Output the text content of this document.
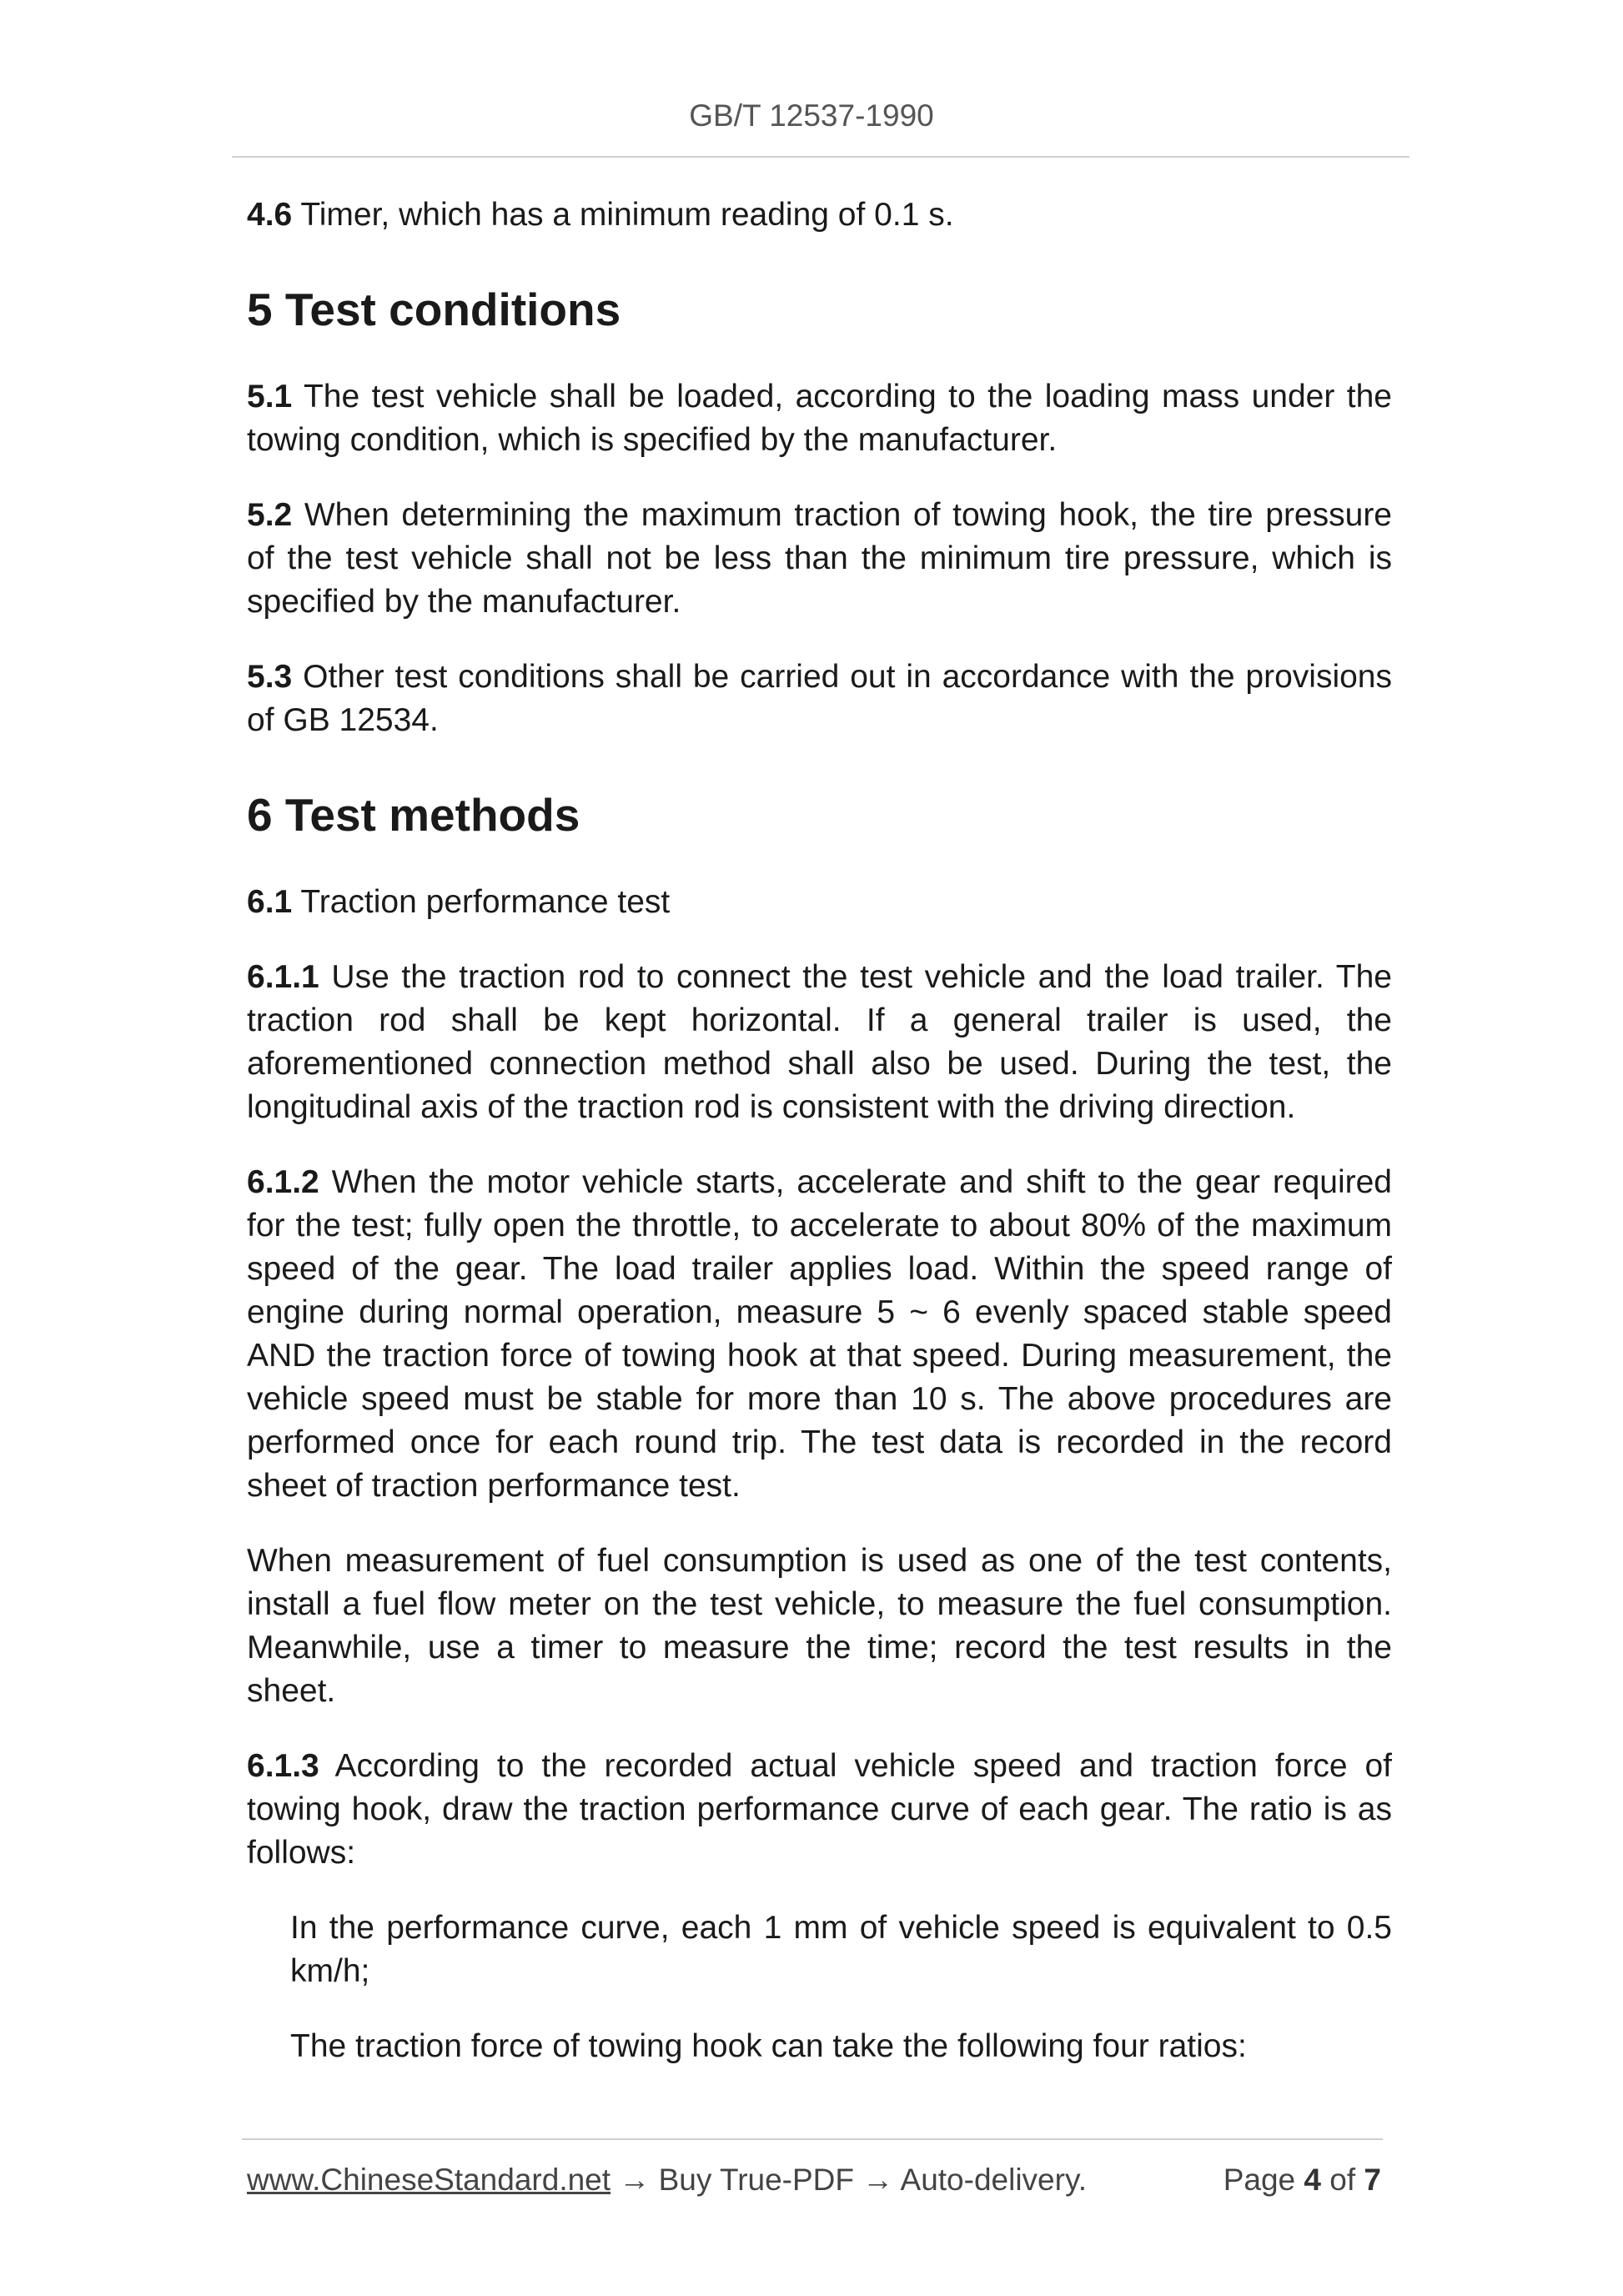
GB/T 12537-1990

4.6 Timer, which has a minimum reading of 0.1 s.

5 Test conditions

5.1 The test vehicle shall be loaded, according to the loading mass under the towing condition, which is specified by the manufacturer.

5.2 When determining the maximum traction of towing hook, the tire pressure of the test vehicle shall not be less than the minimum tire pressure, which is specified by the manufacturer.

5.3 Other test conditions shall be carried out in accordance with the provisions of GB 12534.

6 Test methods

6.1 Traction performance test

6.1.1 Use the traction rod to connect the test vehicle and the load trailer. The traction rod shall be kept horizontal. If a general trailer is used, the aforementioned connection method shall also be used. During the test, the longitudinal axis of the traction rod is consistent with the driving direction.

6.1.2 When the motor vehicle starts, accelerate and shift to the gear required for the test; fully open the throttle, to accelerate to about 80% of the maximum speed of the gear. The load trailer applies load. Within the speed range of engine during normal operation, measure 5 ~ 6 evenly spaced stable speed AND the traction force of towing hook at that speed. During measurement, the vehicle speed must be stable for more than 10 s. The above procedures are performed once for each round trip. The test data is recorded in the record sheet of traction performance test.

When measurement of fuel consumption is used as one of the test contents, install a fuel flow meter on the test vehicle, to measure the fuel consumption. Meanwhile, use a timer to measure the time; record the test results in the sheet.

6.1.3 According to the recorded actual vehicle speed and traction force of towing hook, draw the traction performance curve of each gear. The ratio is as follows:

In the performance curve, each 1 mm of vehicle speed is equivalent to 0.5 km/h;

The traction force of towing hook can take the following four ratios:

www.ChineseStandard.net → Buy True-PDF → Auto-delivery.	Page 4 of 7
